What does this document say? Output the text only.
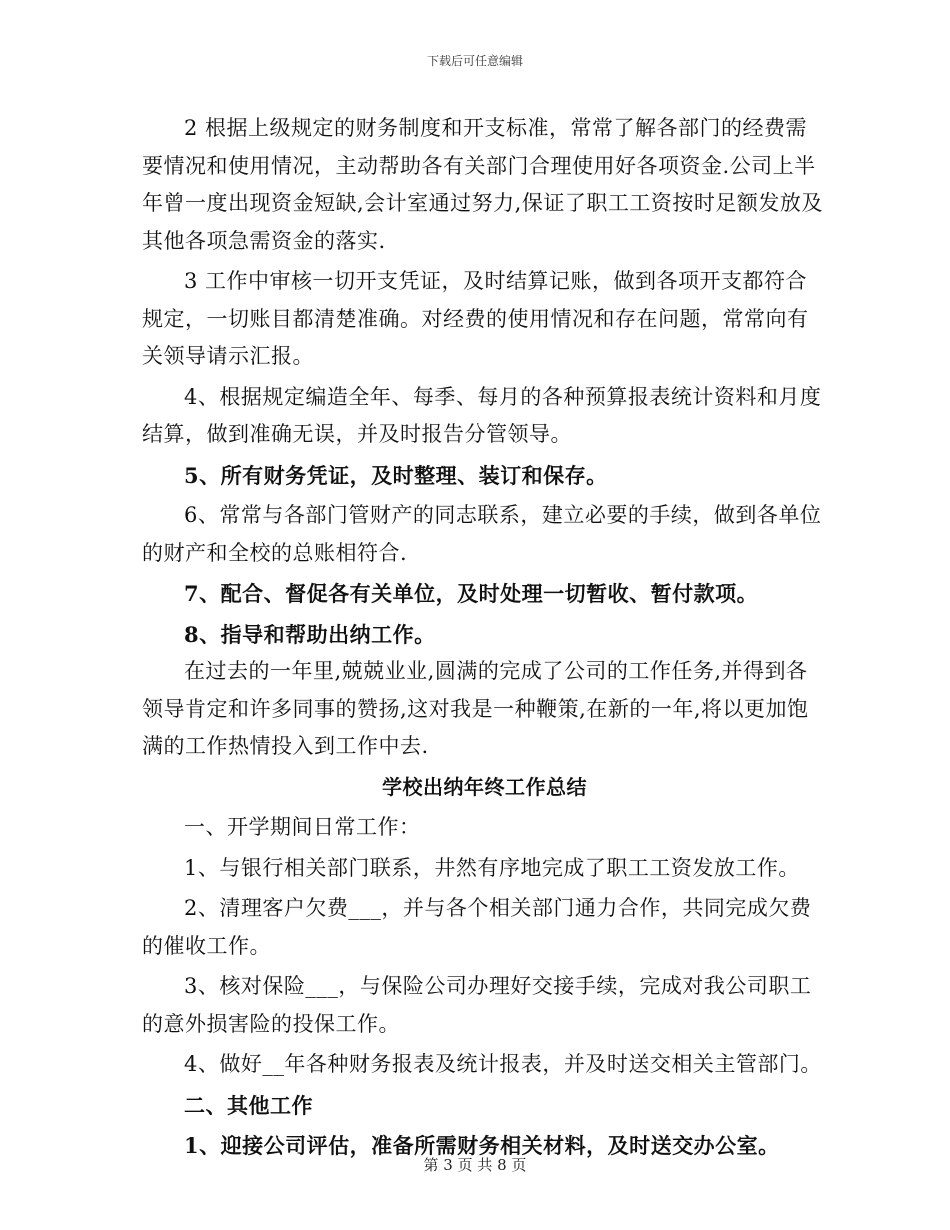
下载后可任意编辑

2 根据上级规定的财务制度和开支标准，常常了解各部门的经费需要情况和使用情况，主动帮助各有关部门合理使用好各项资金.公司上半年曾一度出现资金短缺,会计室通过努力,保证了职工工资按时足额发放及其他各项急需资金的落实.

3 工作中审核一切开支凭证，及时结算记账，做到各项开支都符合规定，一切账目都清楚准确。对经费的使用情况和存在问题，常常向有关领导请示汇报。

4、根据规定编造全年、每季、每月的各种预算报表统计资料和月度结算，做到准确无误，并及时报告分管领导。

5、所有财务凭证，及时整理、装订和保存。

6、常常与各部门管财产的同志联系，建立必要的手续，做到各单位的财产和全校的总账相符合.

7、配合、督促各有关单位，及时处理一切暂收、暂付款项。

8、指导和帮助出纳工作。

在过去的一年里,兢兢业业,圆满的完成了公司的工作任务,并得到各领导肯定和许多同事的赞扬,这对我是一种鞭策,在新的一年,将以更加饱满的工作热情投入到工作中去.

学校出纳年终工作总结

一、开学期间日常工作：

1、与银行相关部门联系，井然有序地完成了职工工资发放工作。

2、清理客户欠费___，并与各个相关部门通力合作，共同完成欠费的催收工作。

3、核对保险___，与保险公司办理好交接手续，完成对我公司职工的意外损害险的投保工作。

4、做好__年各种财务报表及统计报表，并及时送交相关主管部门。

二、其他工作

1、迎接公司评估，准备所需财务相关材料，及时送交办公室。

第 3 页 共 8 页
